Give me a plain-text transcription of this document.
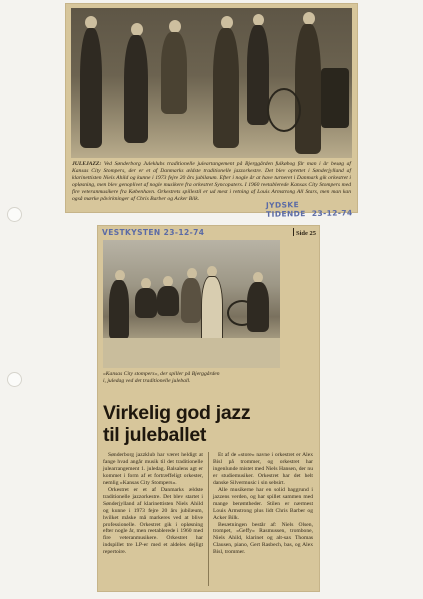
JULEJAZZ: Ved Sønderborg Juleklubs traditionelle juleartangement på Bjerggården fulkøbog får man i år besøg af Kansas City Stompers, der er et af Danmarks ældste traditionelle jazzorkestre. Det blev oprettet i Sønderjylland af klarinettisten Niels Ahild og kunne i 1973 fejre 20 års jubilæum. Efter i nogle år at have turneret i Danmark gik orkestret i opløsning, men blev genoplivet af nogle musikere fra orkestret Syncopaters. I 1960 reetablerede Kansas City Stompers med fire veteranmusikere fra København. Orkestrets spillestil er ud mest i retning af Louis Armstrong All Stars, men man kan også mærke påvirkninger af Chris Barber og Acker Bilk.
JYDSKE TIDENDE 23-12-74
VESTKYSTEN 23-12-74	Side 25
»Kansas City stompers«, der spiller på Bjerggården i, juledag ved det traditionelle juleball.
Virkelig god jazz
til juleballet

Sønderborg jazzklub har været heldigt at fange hvad angår musik til det traditionelle julearrangement 1. juledag. Balsalens agt er kommet i form af et fortræffeligt orkester, nemlig »Kansas City Stompers«.

Orkestret er et af Danmarks ældste traditionelle jazzorkestre. Det blev startet i Sønderjylland af klarinettisten Niels Ahild og kunne i 1973 fejre 20 års jubilæum, hvilket måske må markeres ved at blive professionelle. Orkestret gik i opløsning efter nogle år, men reetablerede i 1960 med fire veteranmusikere. Orkestret har indspillet tre LP-er med et aldeles dejligt repertoire.

Et af de »store« navne i orkestret er Alex Bisl på trommer, og orkestret har ingenlunde mistet med Niels Hansen, der nu er studiemusiker. Orkestret har det helt danske Silvermusic i sin sebsirt.

Alle musikerne har en solid baggrund i jazzens verden, og har spillet sammen med mange berømtheder. Stilen er nærmest Louis Armstrong plus lidt Chris Barber og Acker Bilk.

Besætningen består af: Niels Olsen, trompet, »Geffy« Rasmussen, trombone, Niels Ahild, klarinet og alt-sax Thomas Clausen, piano, Gert Rasbech, bas, og Alex Bisl, trommer.
